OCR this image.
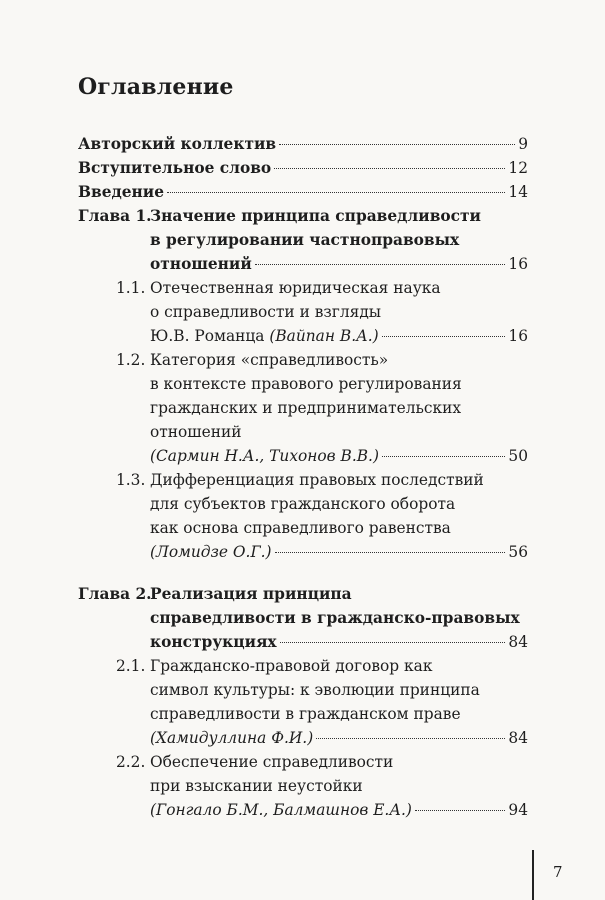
Оглавление
Авторский коллектив	9
Вступительное слово	12
Введение	14
Глава 1.
Значение принципа справедливости
в регулировании частноправовых
отношений	16
1.1. Отечественная юридическая наука
о справедливости и взгляды
Ю.В. Романца (Вайпан В.А.)	16
1.2. Категория «справедливость»
в контексте правового регулирования
гражданских и предпринимательских
отношений
(Сармин Н.А., Тихонов В.В.)	50
1.3. Дифференциация правовых последствий
для субъектов гражданского оборота
как основа справедливого равенства
(Ломидзе О.Г.)	56
Глава 2.
Реализация принципа
справедливости в гражданско-правовых
конструкциях	84
2.1. Гражданско-правовой договор как
символ культуры: к эволюции принципа
справедливости в гражданском праве
(Хамидуллина Ф.И.)	84
2.2. Обеспечение справедливости
при взыскании неустойки
(Гонгало Б.М., Балмашнов Е.А.)	94
7
